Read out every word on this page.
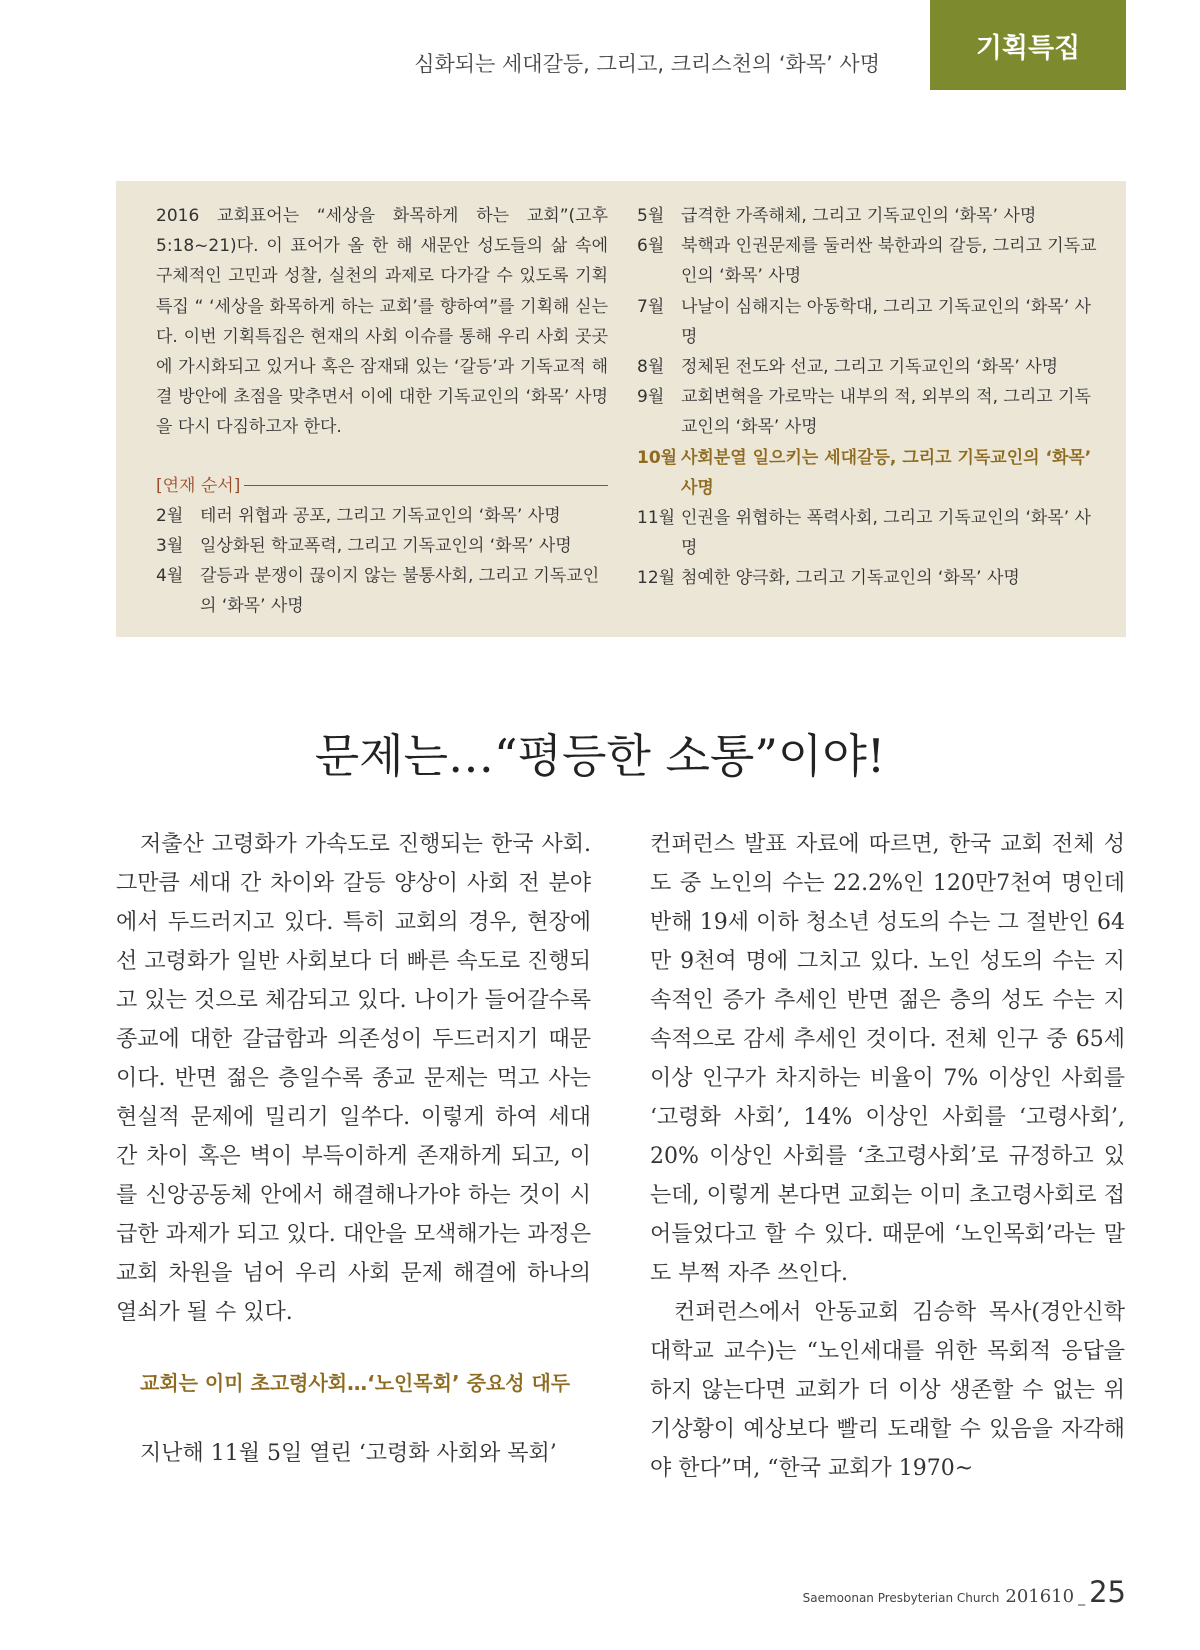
심화되는 세대갈등, 그리고, 크리스천의 ‘화목’ 사명
기획특집

2016 교회표어는 “세상을 화목하게 하는 교회”(고후 5:18~21)다. 이 표어가 올 한 해 새문안 성도들의 삶 속에 구체적인 고민과 성찰, 실천의 과제로 다가갈 수 있도록 기획특집 “ ‘세상을 화목하게 하는 교회’를 향하여”를 기획해 싣는다. 이번 기획특집은 현재의 사회 이슈를 통해 우리 사회 곳곳에 가시화되고 있거나 혹은 잠재돼 있는 ‘갈등’과 기독교적 해결 방안에 초점을 맞추면서 이에 대한 기독교인의 ‘화목’ 사명을 다시 다짐하고자 한다.

[연재 순서]
2월 테러 위협과 공포, 그리고 기독교인의 ‘화목’ 사명
3월 일상화된 학교폭력, 그리고 기독교인의 ‘화목’ 사명
4월 갈등과 분쟁이 끊이지 않는 불통사회, 그리고 기독교인의 ‘화목’ 사명
5월 급격한 가족해체, 그리고 기독교인의 ‘화목’ 사명
6월 북핵과 인권문제를 둘러싼 북한과의 갈등, 그리고 기독교인의 ‘화목’ 사명
7월 나날이 심해지는 아동학대, 그리고 기독교인의 ‘화목’ 사명
8월 정체된 전도와 선교, 그리고 기독교인의 ‘화목’ 사명
9월 교회변혁을 가로막는 내부의 적, 외부의 적, 그리고 기독교인의 ‘화목’ 사명
10월 사회분열 일으키는 세대갈등, 그리고 기독교인의 ‘화목’ 사명
11월 인권을 위협하는 폭력사회, 그리고 기독교인의 ‘화목’ 사명
12월 첨예한 양극화, 그리고 기독교인의 ‘화목’ 사명
문제는…“평등한 소통”이야!

저출산 고령화가 가속도로 진행되는 한국 사회. 그만큼 세대 간 차이와 갈등 양상이 사회 전 분야에서 두드러지고 있다. 특히 교회의 경우, 현장에선 고령화가 일반 사회보다 더 빠른 속도로 진행되고 있는 것으로 체감되고 있다. 나이가 들어갈수록 종교에 대한 갈급함과 의존성이 두드러지기 때문이다. 반면 젊은 층일수록 종교 문제는 먹고 사는 현실적 문제에 밀리기 일쑤다. 이렇게 하여 세대 간 차이 혹은 벽이 부득이하게 존재하게 되고, 이를 신앙공동체 안에서 해결해나가야 하는 것이 시급한 과제가 되고 있다. 대안을 모색해가는 과정은 교회 차원을 넘어 우리 사회 문제 해결에 하나의 열쇠가 될 수 있다.

교회는 이미 초고령사회…‘노인목회’ 중요성 대두

지난해 11월 5일 열린 ‘고령화 사회와 목회’

컨퍼런스 발표 자료에 따르면, 한국 교회 전체 성도 중 노인의 수는 22.2%인 120만7천여 명인데 반해 19세 이하 청소년 성도의 수는 그 절반인 64만 9천여 명에 그치고 있다. 노인 성도의 수는 지속적인 증가 추세인 반면 젊은 층의 성도 수는 지속적으로 감세 추세인 것이다. 전체 인구 중 65세 이상 인구가 차지하는 비율이 7% 이상인 사회를 ‘고령화 사회’, 14% 이상인 사회를 ‘고령사회’, 20% 이상인 사회를 ‘초고령사회’로 규정하고 있는데, 이렇게 본다면 교회는 이미 초고령사회로 접어들었다고 할 수 있다. 때문에 ‘노인목회’라는 말도 부쩍 자주 쓰인다.

컨퍼런스에서 안동교회 김승학 목사(경안신학대학교 교수)는 “노인세대를 위한 목회적 응답을 하지 않는다면 교회가 더 이상 생존할 수 없는 위기상황이 예상보다 빨리 도래할 수 있음을 자각해야 한다”며, “한국 교회가 1970~

Saemoonan Presbyterian Church 201610 _ 25
